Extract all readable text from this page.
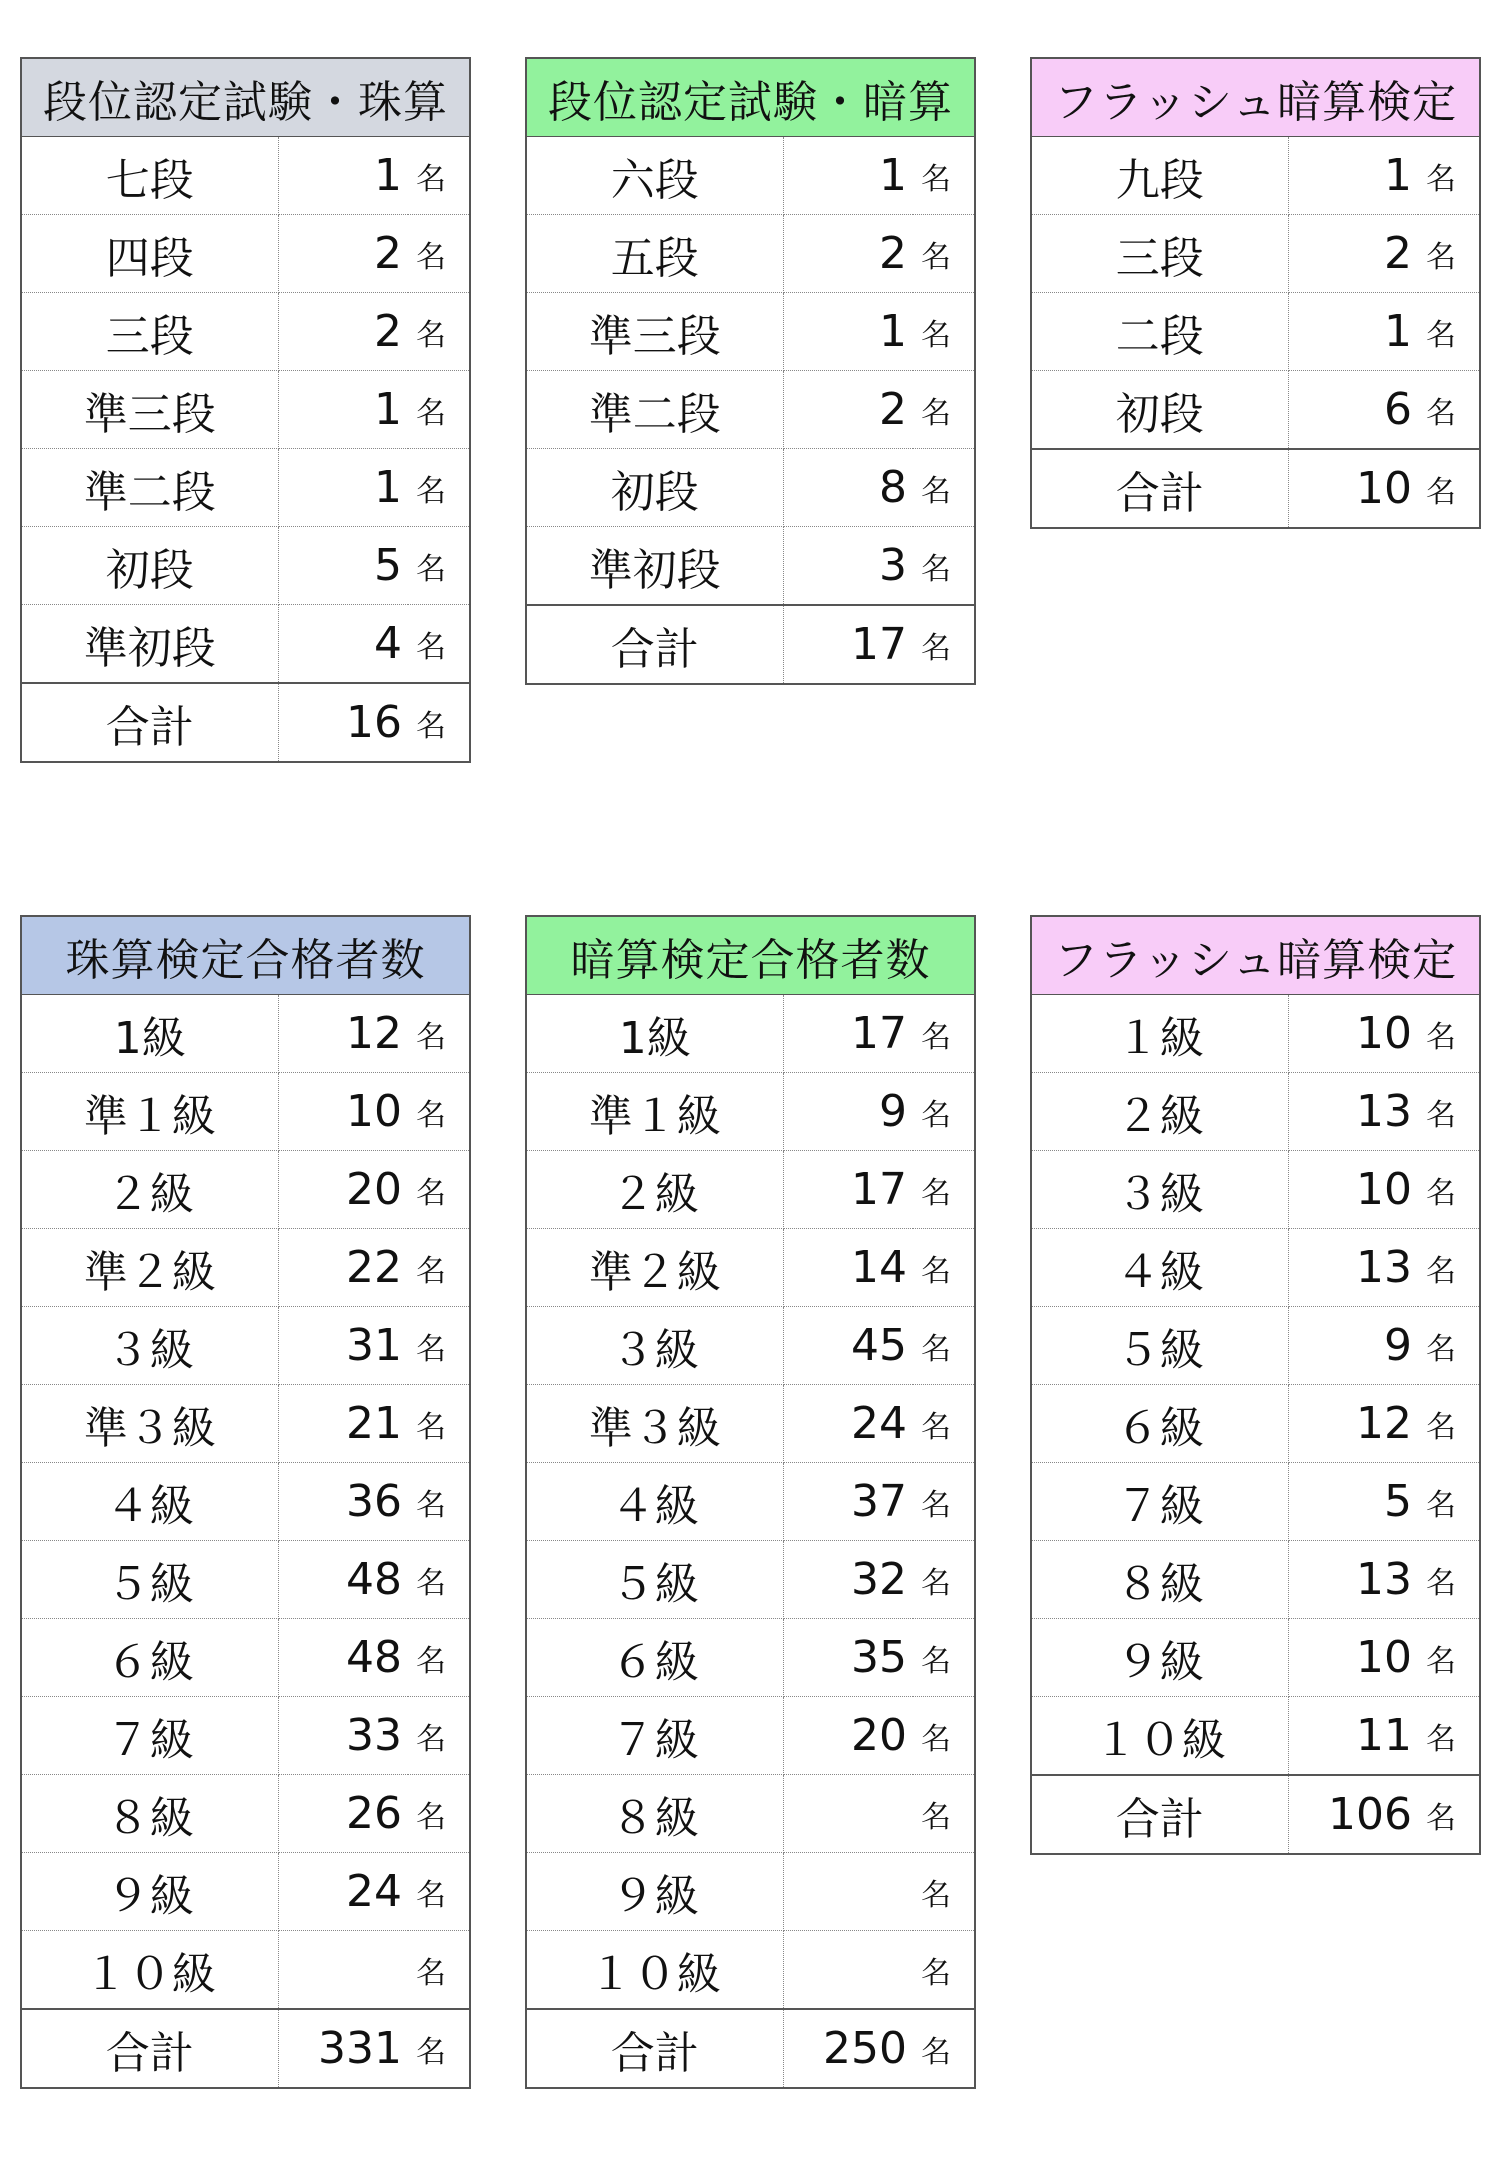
段位認定試験・珠算		
七段	1	名
四段	2	名
三段	2	名
準三段	1	名
準二段	1	名
初段	5	名
準初段	4	名
合計	16	名
段位認定試験・暗算		
六段	1	名
五段	2	名
準三段	1	名
準二段	2	名
初段	8	名
準初段	3	名
合計	17	名
フラッシュ暗算検定		
九段	1	名
三段	2	名
二段	1	名
初段	6	名
合計	10	名
珠算検定合格者数		
1級	12	名
準１級	10	名
２級	20	名
準２級	22	名
３級	31	名
準３級	21	名
４級	36	名
５級	48	名
６級	48	名
７級	33	名
８級	26	名
９級	24	名
１０級		名
合計	331	名
暗算検定合格者数		
1級	17	名
準１級	9	名
２級	17	名
準２級	14	名
３級	45	名
準３級	24	名
４級	37	名
５級	32	名
６級	35	名
７級	20	名
８級		名
９級		名
１０級		名
合計	250	名
フラッシュ暗算検定		
１級	10	名
２級	13	名
３級	10	名
４級	13	名
５級	9	名
６級	12	名
７級	5	名
８級	13	名
９級	10	名
１０級	11	名
合計	106	名
